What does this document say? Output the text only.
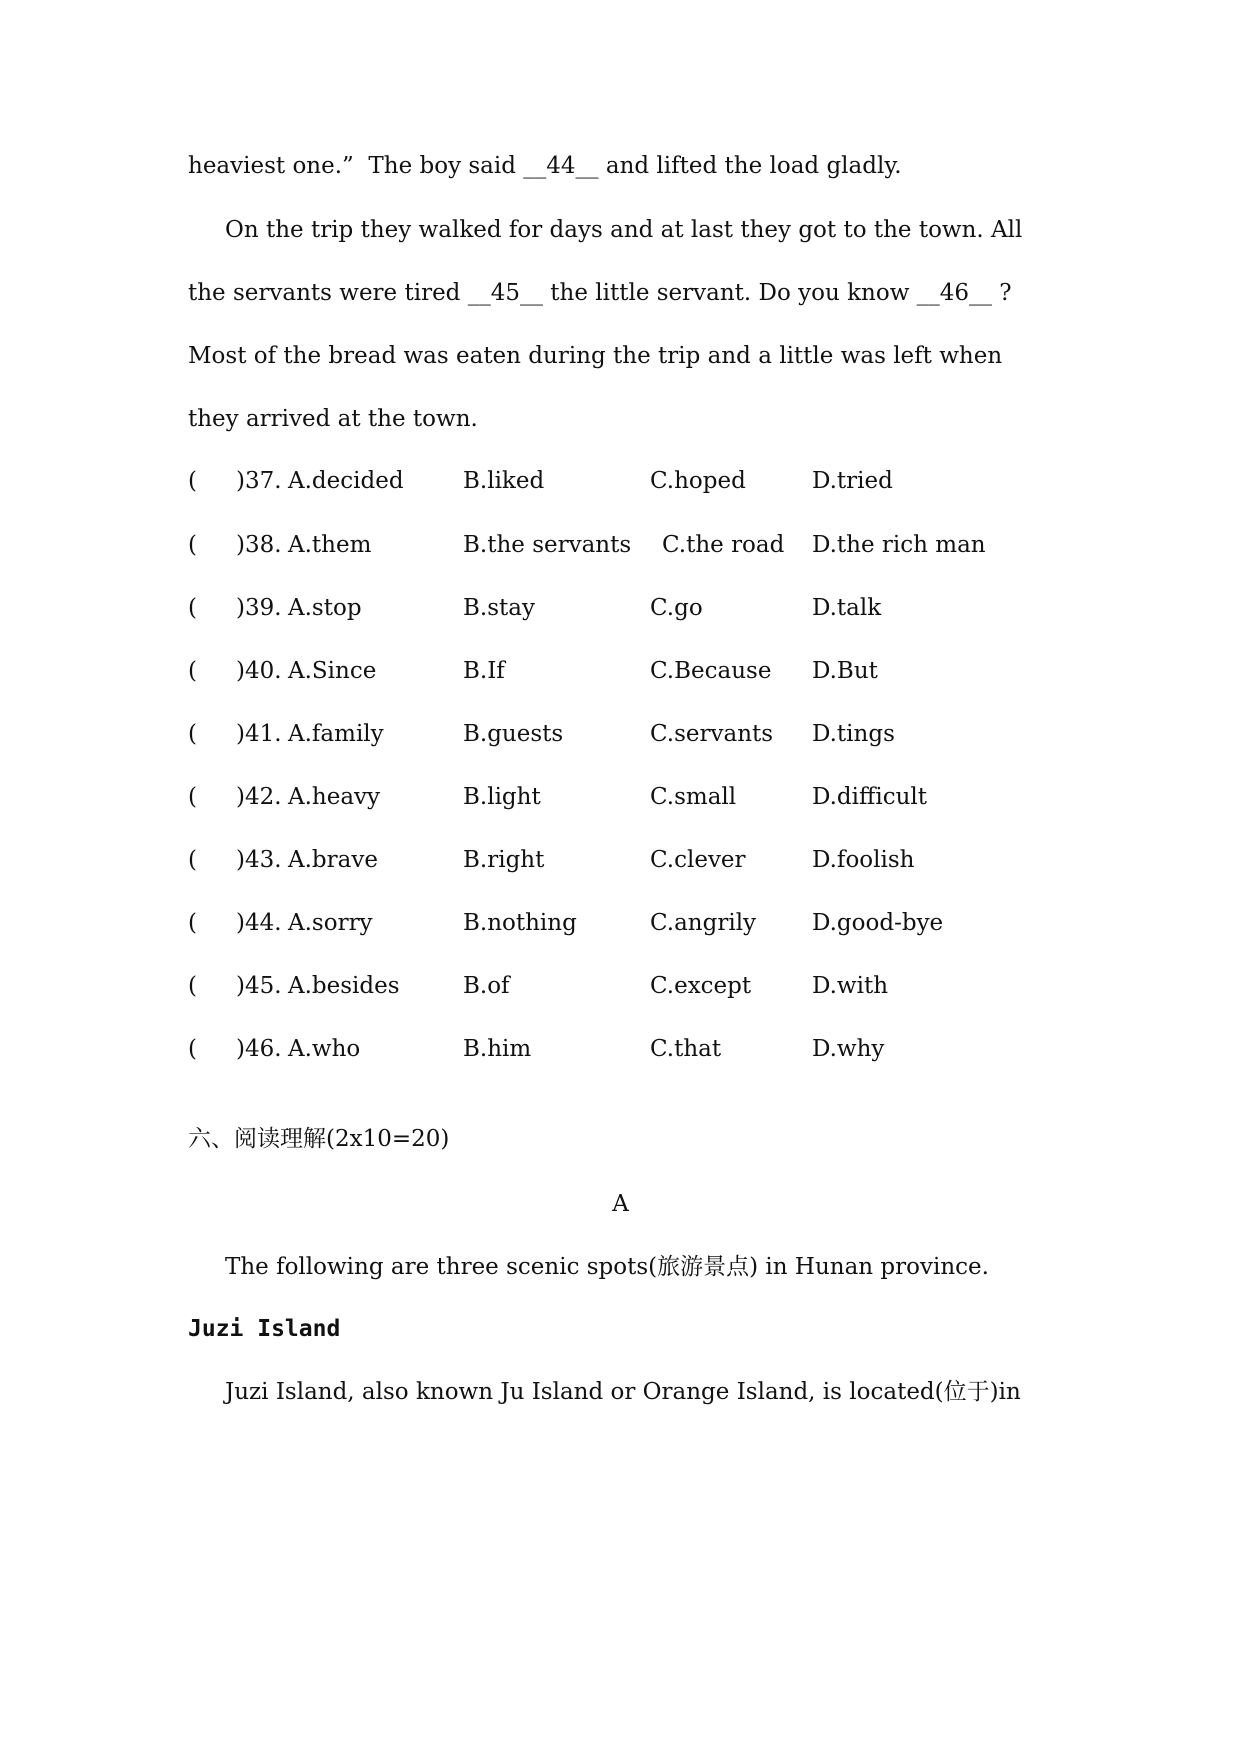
heaviest one.”  The boy said __44__ and lifted the load gladly.
On the trip they walked for days and at last they got to the town. All
the servants were tired __45__ the little servant. Do you know __46__ ?
Most of the bread was eaten during the trip and a little was left when
they arrived at the town.
( )37. A.decided	B.liked	C.hoped	D.tried
( )38. A.them	B.the servants C.the road D.the rich man
( )39. A.stop	B.stay	C.go	D.talk
( )40. A.Since	B.If	C.Because D.But
( )41. A.family	B.guests	C.servants D.tings
( )42. A.heavy	B.light	C.small	D.difficult
( )43. A.brave	B.right	C.clever	D.foolish
( )44. A.sorry	B.nothing	C.angrily D.good-bye
( )45. A.besides	B.of	C.except	D.with
( )46. A.who	B.him	C.that	D.why
六、阅读理解(2x10=20)
A
The following are three scenic spots(旅游景点) in Hunan province.
Juzi Island
Juzi Island, also known Ju Island or Orange Island, is located(位于)in
